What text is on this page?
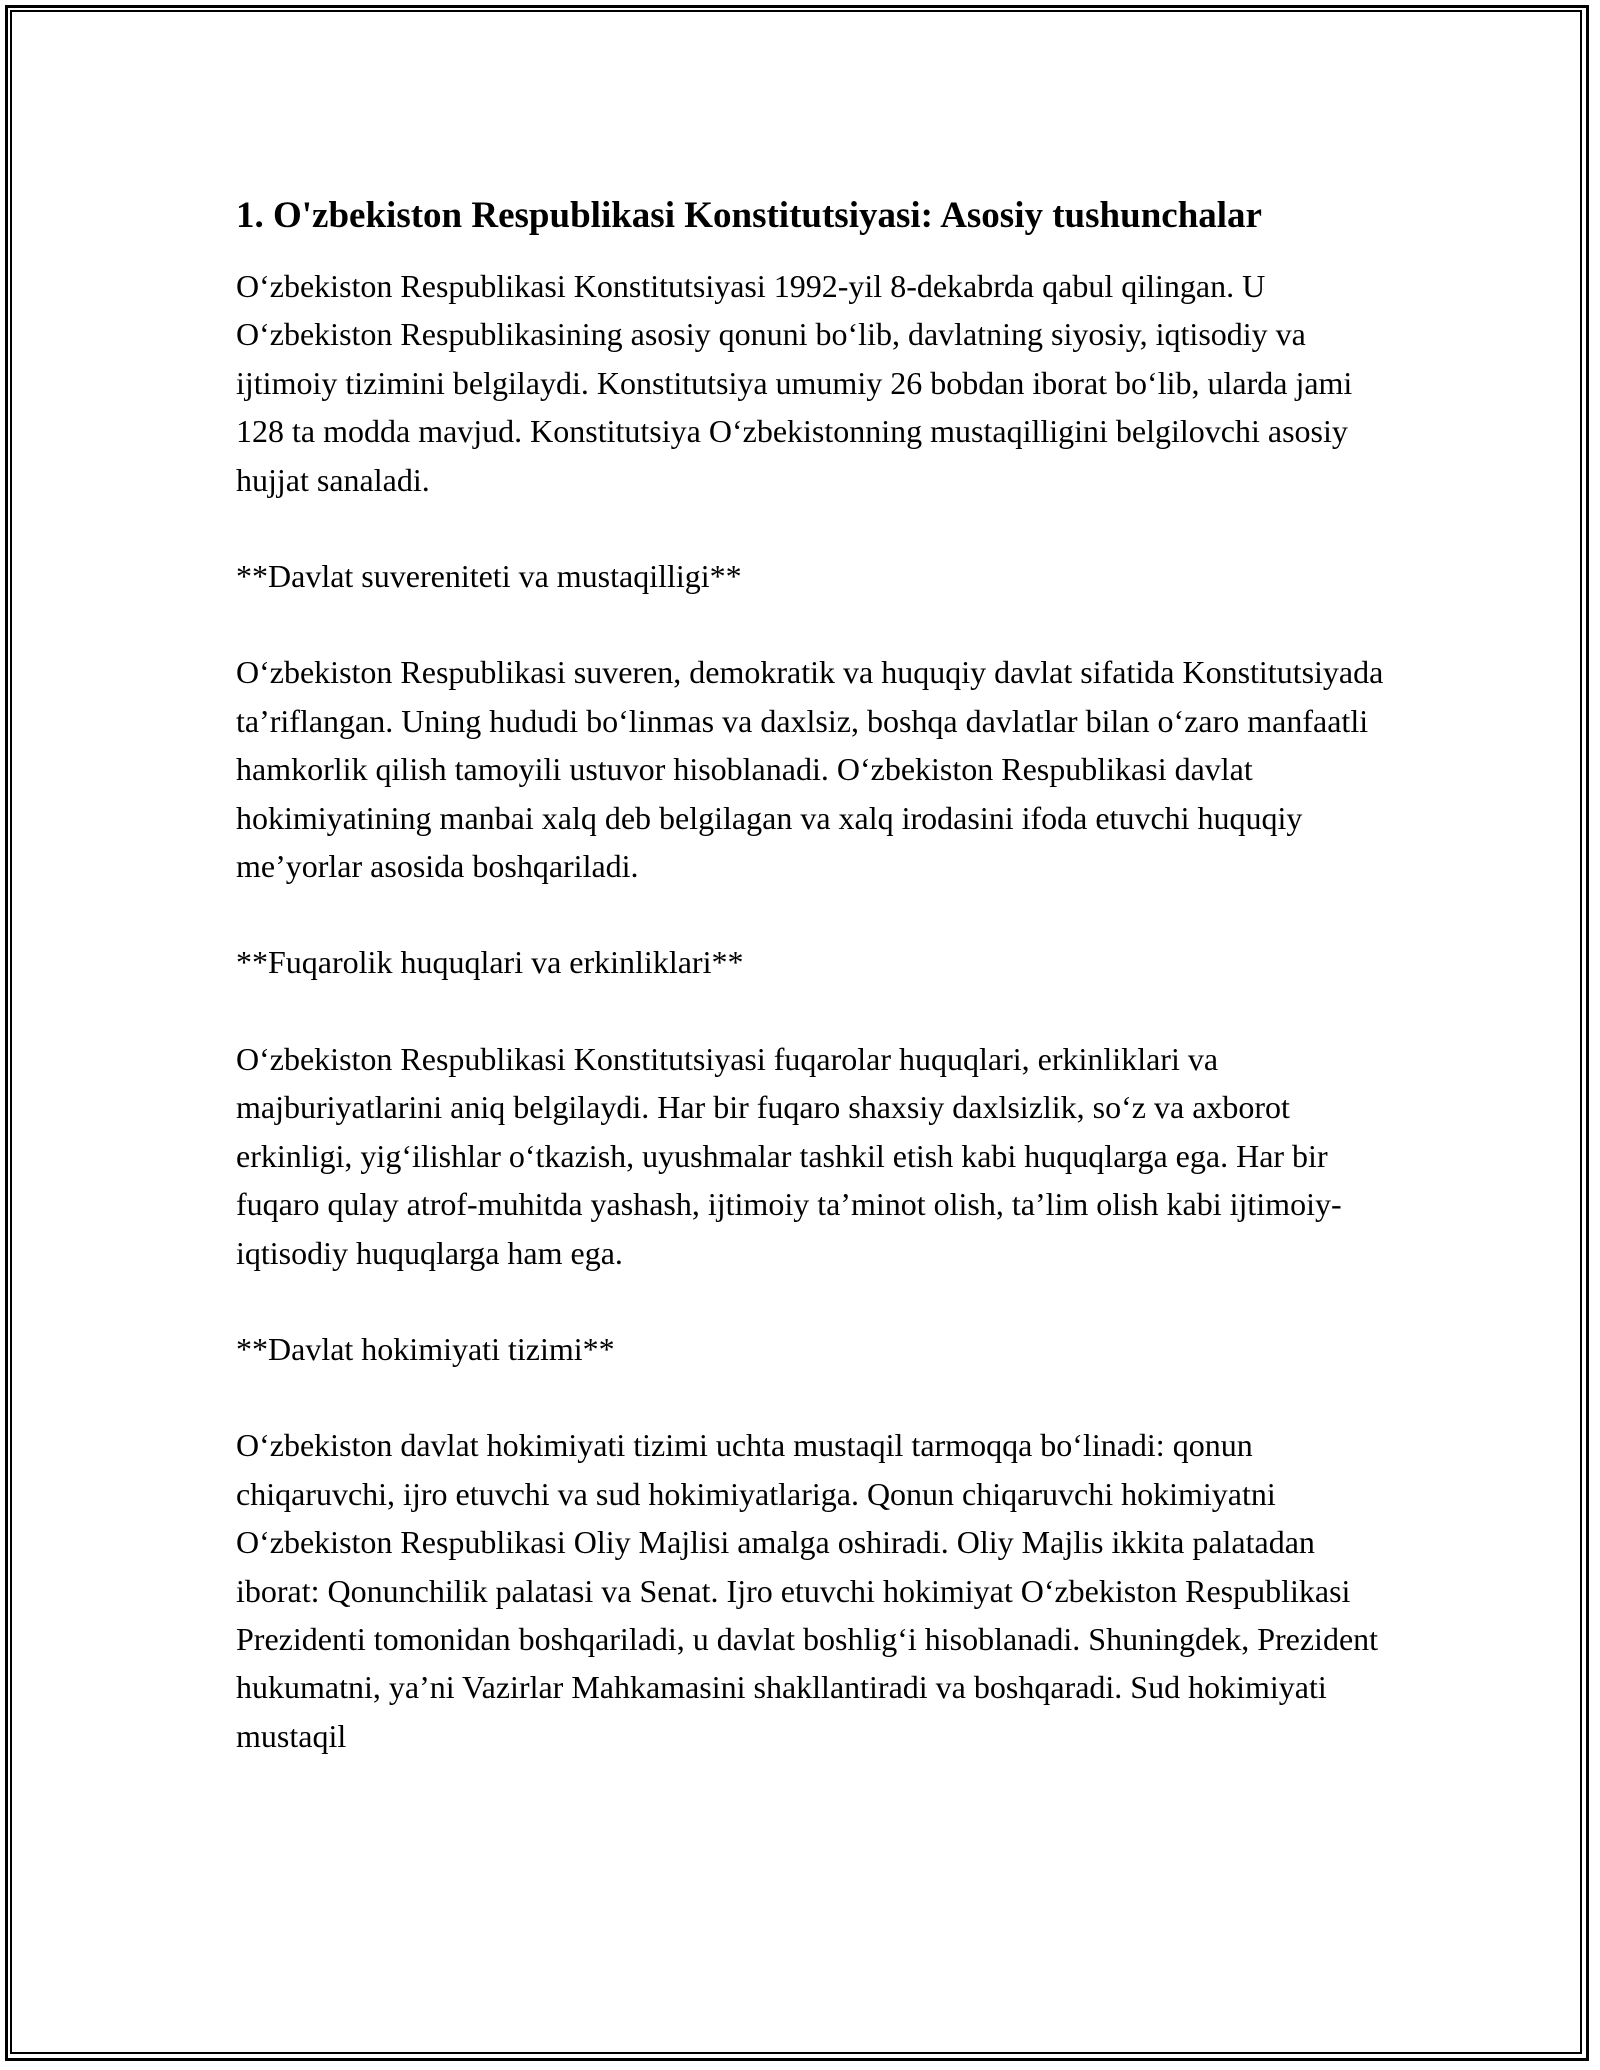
1. O'zbekiston Respublikasi Konstitutsiyasi: Asosiy tushunchalar

O‘zbekiston Respublikasi Konstitutsiyasi 1992-yil 8-dekabrda qabul qilingan. U O‘zbekiston Respublikasining asosiy qonuni bo‘lib, davlatning siyosiy, iqtisodiy va ijtimoiy tizimini belgilaydi. Konstitutsiya umumiy 26 bobdan iborat bo‘lib, ularda jami 128 ta modda mavjud. Konstitutsiya O‘zbekistonning mustaqilligini belgilovchi asosiy hujjat sanaladi.

**Davlat suvereniteti va mustaqilligi**

O‘zbekiston Respublikasi suveren, demokratik va huquqiy davlat sifatida Konstitutsiyada ta’riflangan. Uning hududi bo‘linmas va daxlsiz, boshqa davlatlar bilan o‘zaro manfaatli hamkorlik qilish tamoyili ustuvor hisoblanadi. O‘zbekiston Respublikasi davlat hokimiyatining manbai xalq deb belgilagan va xalq irodasini ifoda etuvchi huquqiy me’yorlar asosida boshqariladi.

**Fuqarolik huquqlari va erkinliklari**

O‘zbekiston Respublikasi Konstitutsiyasi fuqarolar huquqlari, erkinliklari va majburiyatlarini aniq belgilaydi. Har bir fuqaro shaxsiy daxlsizlik, so‘z va axborot erkinligi, yig‘ilishlar o‘tkazish, uyushmalar tashkil etish kabi huquqlarga ega. Har bir fuqaro qulay atrof-muhitda yashash, ijtimoiy ta’minot olish, ta’lim olish kabi ijtimoiy-iqtisodiy huquqlarga ham ega.

**Davlat hokimiyati tizimi**

O‘zbekiston davlat hokimiyati tizimi uchta mustaqil tarmoqqa bo‘linadi: qonun chiqaruvchi, ijro etuvchi va sud hokimiyatlariga. Qonun chiqaruvchi hokimiyatni O‘zbekiston Respublikasi Oliy Majlisi amalga oshiradi. Oliy Majlis ikkita palatadan iborat: Qonunchilik palatasi va Senat. Ijro etuvchi hokimiyat O‘zbekiston Respublikasi Prezidenti tomonidan boshqariladi, u davlat boshlig‘i hisoblanadi. Shuningdek, Prezident hukumatni, ya’ni Vazirlar Mahkamasini shakllantiradi va boshqaradi. Sud hokimiyati mustaqil
